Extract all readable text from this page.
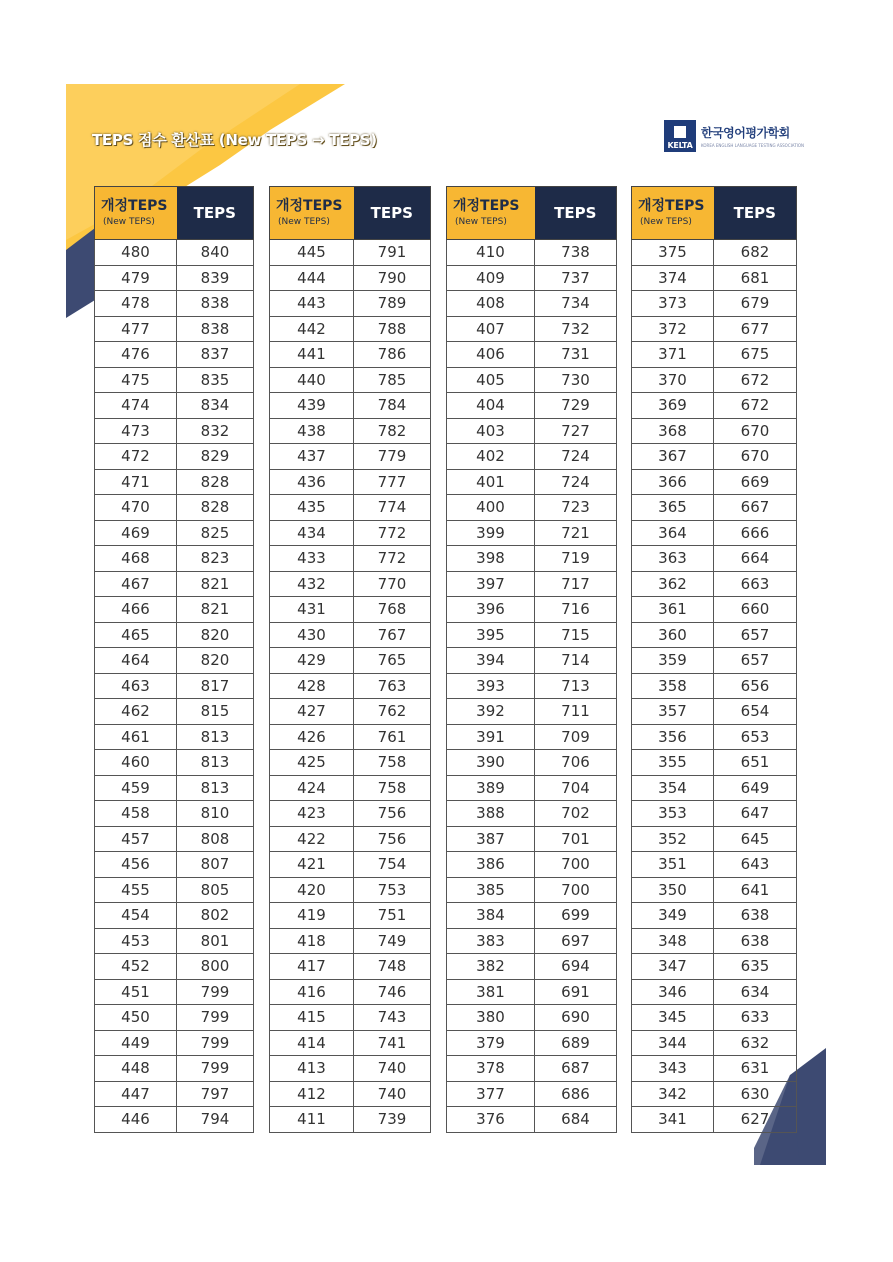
TEPS 점수 환산표 (New TEPS → TEPS)	KELTA
한국영어평가학회
KOREA ENGLISH LANGUAGE TESTING ASSOCIATION
개정TEPS
(New TEPS)	TEPS
480	840
479	839
478	838
477	838
476	837
475	835
474	834
473	832
472	829
471	828
470	828
469	825
468	823
467	821
466	821
465	820
464	820
463	817
462	815
461	813
460	813
459	813
458	810
457	808
456	807
455	805
454	802
453	801
452	800
451	799
450	799
449	799
448	799
447	797
446	794
개정TEPS
(New TEPS)	TEPS
445	791
444	790
443	789
442	788
441	786
440	785
439	784
438	782
437	779
436	777
435	774
434	772
433	772
432	770
431	768
430	767
429	765
428	763
427	762
426	761
425	758
424	758
423	756
422	756
421	754
420	753
419	751
418	749
417	748
416	746
415	743
414	741
413	740
412	740
411	739
개정TEPS
(New TEPS)	TEPS
410	738
409	737
408	734
407	732
406	731
405	730
404	729
403	727
402	724
401	724
400	723
399	721
398	719
397	717
396	716
395	715
394	714
393	713
392	711
391	709
390	706
389	704
388	702
387	701
386	700
385	700
384	699
383	697
382	694
381	691
380	690
379	689
378	687
377	686
376	684
개정TEPS
(New TEPS)	TEPS
375	682
374	681
373	679
372	677
371	675
370	672
369	672
368	670
367	670
366	669
365	667
364	666
363	664
362	663
361	660
360	657
359	657
358	656
357	654
356	653
355	651
354	649
353	647
352	645
351	643
350	641
349	638
348	638
347	635
346	634
345	633
344	632
343	631
342	630
341	627
